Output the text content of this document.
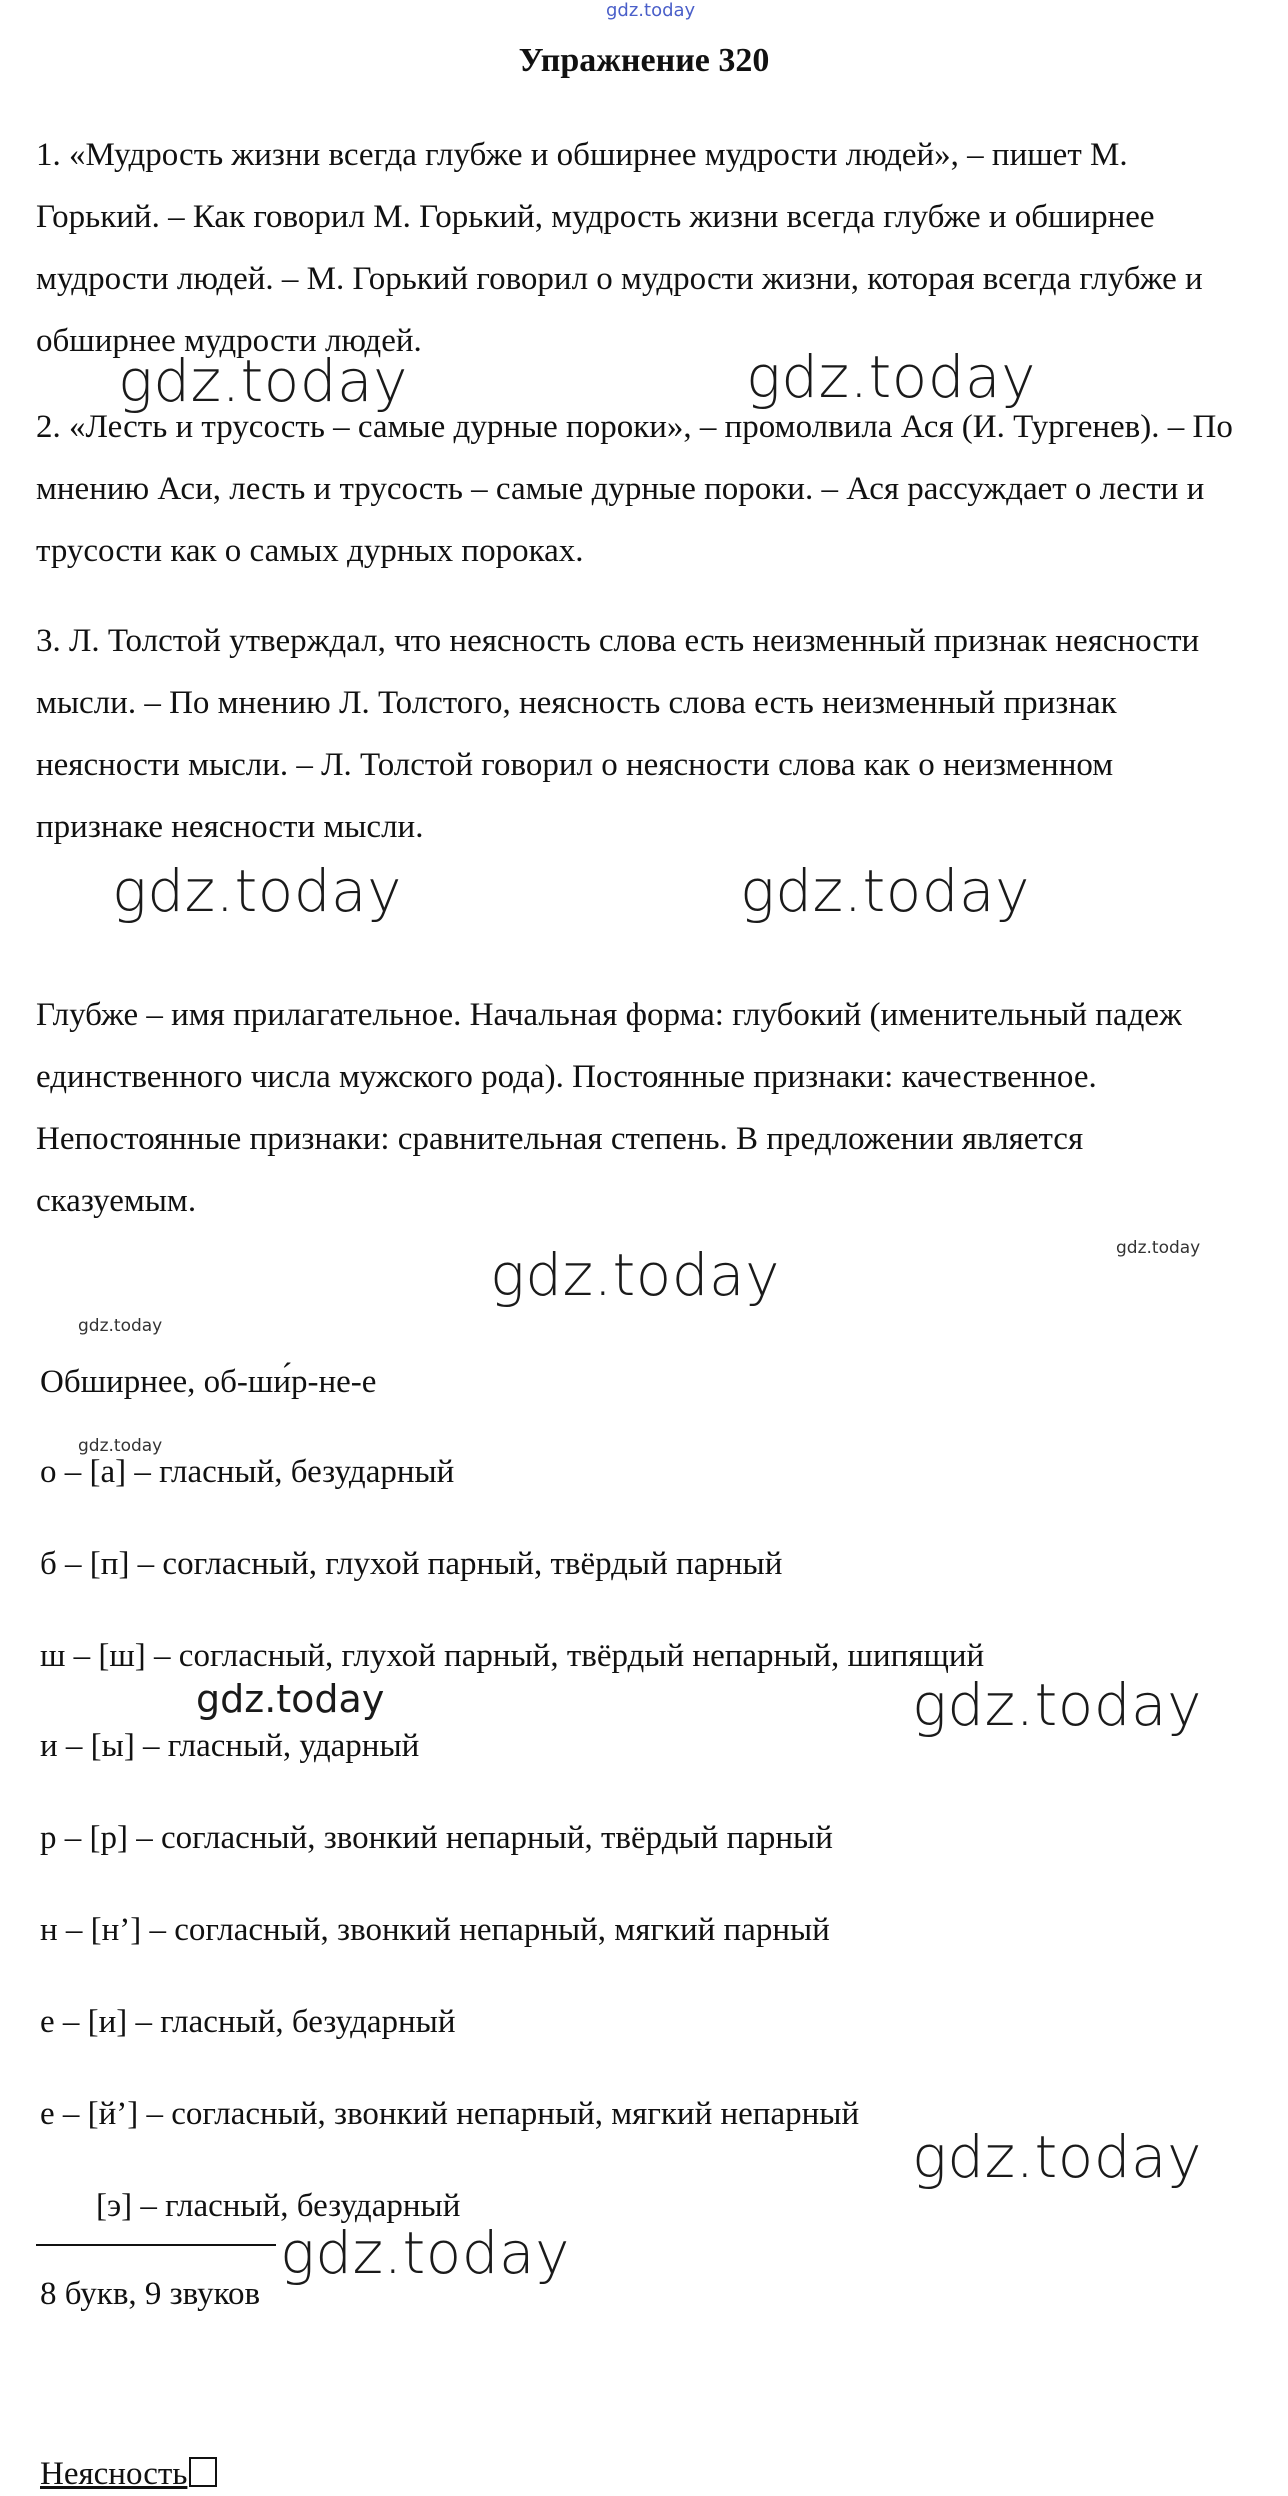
gdz.today
Упражнение 320
1. «Мудрость жизни всегда глубже и обширнее мудрости людей», – пишет М. Горький. – Как говорил М. Горький, мудрость жизни всегда глубже и обширнее мудрости людей. – М. Горький говорил о мудрости жизни, которая всегда глубже и обширнее мудрости людей.
2. «Лесть и трусость – самые дурные пороки», – промолвила Ася (И. Тургенев). – По мнению Аси, лесть и трусость – самые дурные пороки. – Ася рассуждает о лести и трусости как о самых дурных пороках.
3. Л. Толстой утверждал, что неясность слова есть неизменный признак неясности мысли. – По мнению Л. Толстого, неясность слова есть неизменный признак неясности мысли. – Л. Толстой говорил о неясности слова как о неизменном признаке неясности мысли.
Глубже – имя прилагательное. Начальная форма: глубокий (именительный падеж единственного числа мужского рода). Постоянные признаки: качественное. Непостоянные признаки: сравнительная степень. В предложении является сказуемым.
Обширнее, об-ши́р-не-е
о – [а] – гласный, безударный
б – [п] – согласный, глухой парный, твёрдый парный
ш – [ш] – согласный, глухой парный, твёрдый непарный, шипящий
и – [ы] – гласный, ударный
р – [р] – согласный, звонкий непарный, твёрдый парный
н – [н’] – согласный, звонкий непарный, мягкий парный
е – [и] – гласный, безударный
е – [й’] – согласный, звонкий непарный, мягкий непарный
[э] – гласный, безударный
8 букв, 9 звуков
Неясность
gdz.today	gdz.today
gdz.today	gdz.today
gdz.today
gdz.today	gdz.today
gdz.today
gdz.today
gdz.today
gdz.today
gdz.today
